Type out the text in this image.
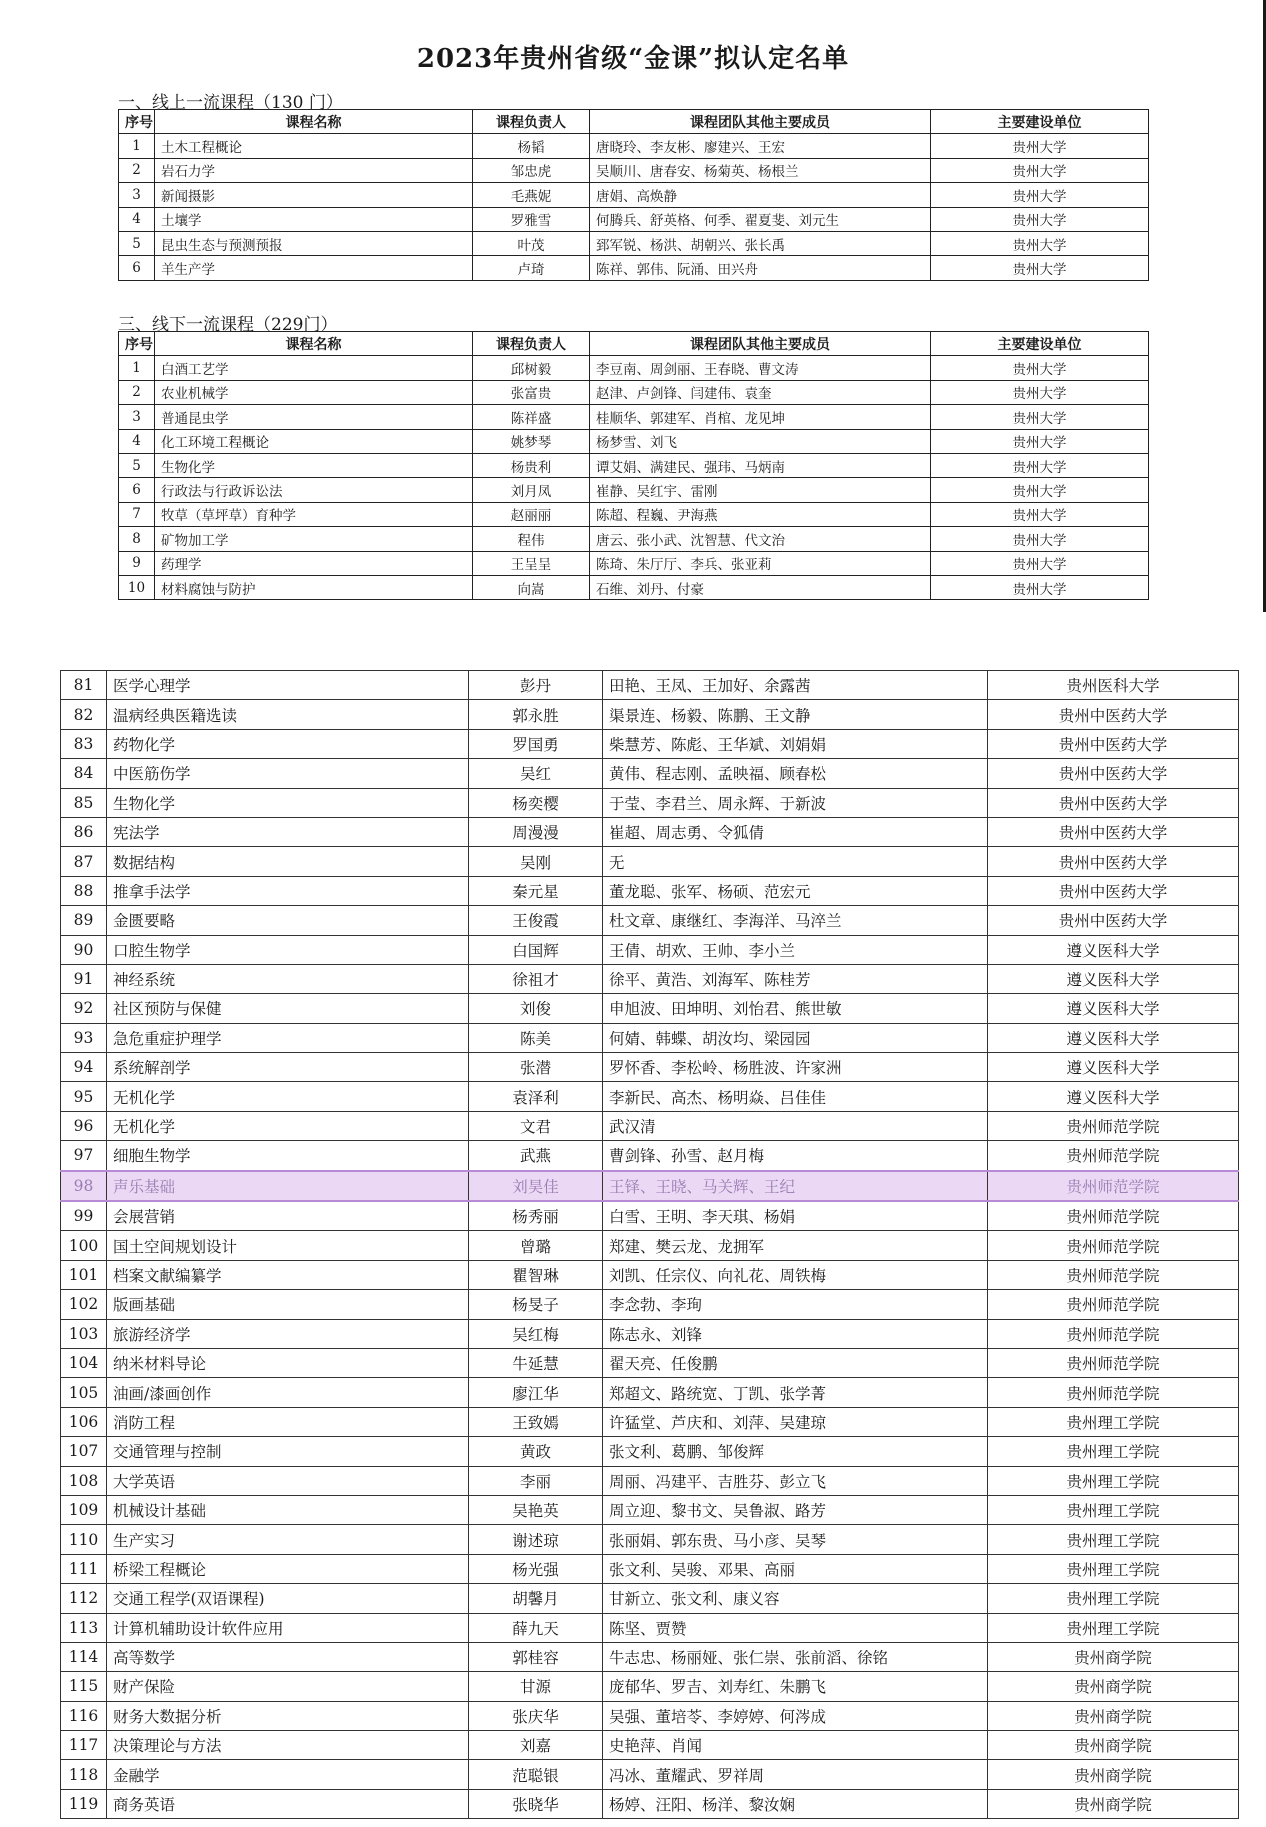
2023年贵州省级“金课”拟认定名单
一、线上一流课程（130 门）
序号	课程名称	课程负责人	课程团队其他主要成员	主要建设单位
1	土木工程概论	杨韬	唐晓玲、李友彬、廖建兴、王宏	贵州大学
2	岩石力学	邹忠虎	吴顺川、唐春安、杨菊英、杨根兰	贵州大学
3	新闻摄影	毛燕妮	唐娟、高焕静	贵州大学
4	土壤学	罗雅雪	何腾兵、舒英格、何季、翟夏斐、刘元生	贵州大学
5	昆虫生态与预测预报	叶茂	郅军锐、杨洪、胡朝兴、张长禹	贵州大学
6	羊生产学	卢琦	陈祥、郭伟、阮涌、田兴舟	贵州大学
三、线下一流课程（229门）
序号	课程名称	课程负责人	课程团队其他主要成员	主要建设单位
1	白酒工艺学	邱树毅	李豆南、周剑丽、王春晓、曹文涛	贵州大学
2	农业机械学	张富贵	赵津、卢剑锋、闫建伟、袁奎	贵州大学
3	普通昆虫学	陈祥盛	桂顺华、郭建军、肖棺、龙见坤	贵州大学
4	化工环境工程概论	姚梦琴	杨梦雪、刘飞	贵州大学
5	生物化学	杨贵利	谭艾娟、满建民、强玮、马炳南	贵州大学
6	行政法与行政诉讼法	刘月凤	崔静、吴红宇、雷刚	贵州大学
7	牧草（草坪草）育种学	赵丽丽	陈超、程巍、尹海燕	贵州大学
8	矿物加工学	程伟	唐云、张小武、沈智慧、代文治	贵州大学
9	药理学	王呈呈	陈琦、朱厅厅、李兵、张亚莉	贵州大学
10	材料腐蚀与防护	向嵩	石维、刘丹、付豪	贵州大学
81	医学心理学	彭丹	田艳、王凤、王加好、余露茜	贵州医科大学
82	温病经典医籍选读	郭永胜	渠景连、杨毅、陈鹏、王文静	贵州中医药大学
83	药物化学	罗国勇	柴慧芳、陈彪、王华斌、刘娟娟	贵州中医药大学
84	中医筋伤学	吴红	黄伟、程志刚、孟映福、顾春松	贵州中医药大学
85	生物化学	杨奕樱	于莹、李君兰、周永辉、于新波	贵州中医药大学
86	宪法学	周漫漫	崔超、周志勇、令狐倩	贵州中医药大学
87	数据结构	吴刚	无	贵州中医药大学
88	推拿手法学	秦元星	董龙聪、张军、杨硕、范宏元	贵州中医药大学
89	金匮要略	王俊霞	杜文章、康继红、李海洋、马淬兰	贵州中医药大学
90	口腔生物学	白国辉	王倩、胡欢、王帅、李小兰	遵义医科大学
91	神经系统	徐祖才	徐平、黄浩、刘海军、陈桂芳	遵义医科大学
92	社区预防与保健	刘俊	申旭波、田坤明、刘怡君、熊世敏	遵义医科大学
93	急危重症护理学	陈美	何婧、韩蝶、胡汝均、梁园园	遵义医科大学
94	系统解剖学	张潜	罗怀香、李松岭、杨胜波、许家洲	遵义医科大学
95	无机化学	袁泽利	李新民、高杰、杨明焱、吕佳佳	遵义医科大学
96	无机化学	文君	武汉清	贵州师范学院
97	细胞生物学	武燕	曹剑锋、孙雪、赵月梅	贵州师范学院
98	声乐基础	刘昊佳	王铎、王晓、马关辉、王纪	贵州师范学院
99	会展营销	杨秀丽	白雪、王明、李天琪、杨娟	贵州师范学院
100	国土空间规划设计	曾璐	郑建、樊云龙、龙拥军	贵州师范学院
101	档案文献编纂学	瞿智琳	刘凯、任宗仪、向礼花、周铁梅	贵州师范学院
102	版画基础	杨旻子	李念勃、李珣	贵州师范学院
103	旅游经济学	吴红梅	陈志永、刘锋	贵州师范学院
104	纳米材料导论	牛延慧	翟天亮、任俊鹏	贵州师范学院
105	油画/漆画创作	廖江华	郑超文、路统宽、丁凯、张学菁	贵州师范学院
106	消防工程	王致嫣	许猛堂、芦庆和、刘萍、吴建琼	贵州理工学院
107	交通管理与控制	黄政	张文利、葛鹏、邹俊辉	贵州理工学院
108	大学英语	李丽	周丽、冯建平、吉胜芬、彭立飞	贵州理工学院
109	机械设计基础	吴艳英	周立迎、黎书文、吴鲁淑、路芳	贵州理工学院
110	生产实习	谢述琼	张丽娟、郭东贵、马小彦、吴琴	贵州理工学院
111	桥梁工程概论	杨光强	张文利、吴骏、邓果、高丽	贵州理工学院
112	交通工程学(双语课程)	胡馨月	甘新立、张文利、康义容	贵州理工学院
113	计算机辅助设计软件应用	薛九天	陈坚、贾赞	贵州理工学院
114	高等数学	郭桂容	牛志忠、杨丽娅、张仁崇、张前滔、徐铭	贵州商学院
115	财产保险	甘源	庞郁华、罗吉、刘寿红、朱鹏飞	贵州商学院
116	财务大数据分析	张庆华	吴强、董培苓、李婷婷、何涔成	贵州商学院
117	决策理论与方法	刘嘉	史艳萍、肖闻	贵州商学院
118	金融学	范聪银	冯冰、董耀武、罗祥周	贵州商学院
119	商务英语	张晓华	杨婷、汪阳、杨洋、黎汝娴	贵州商学院
